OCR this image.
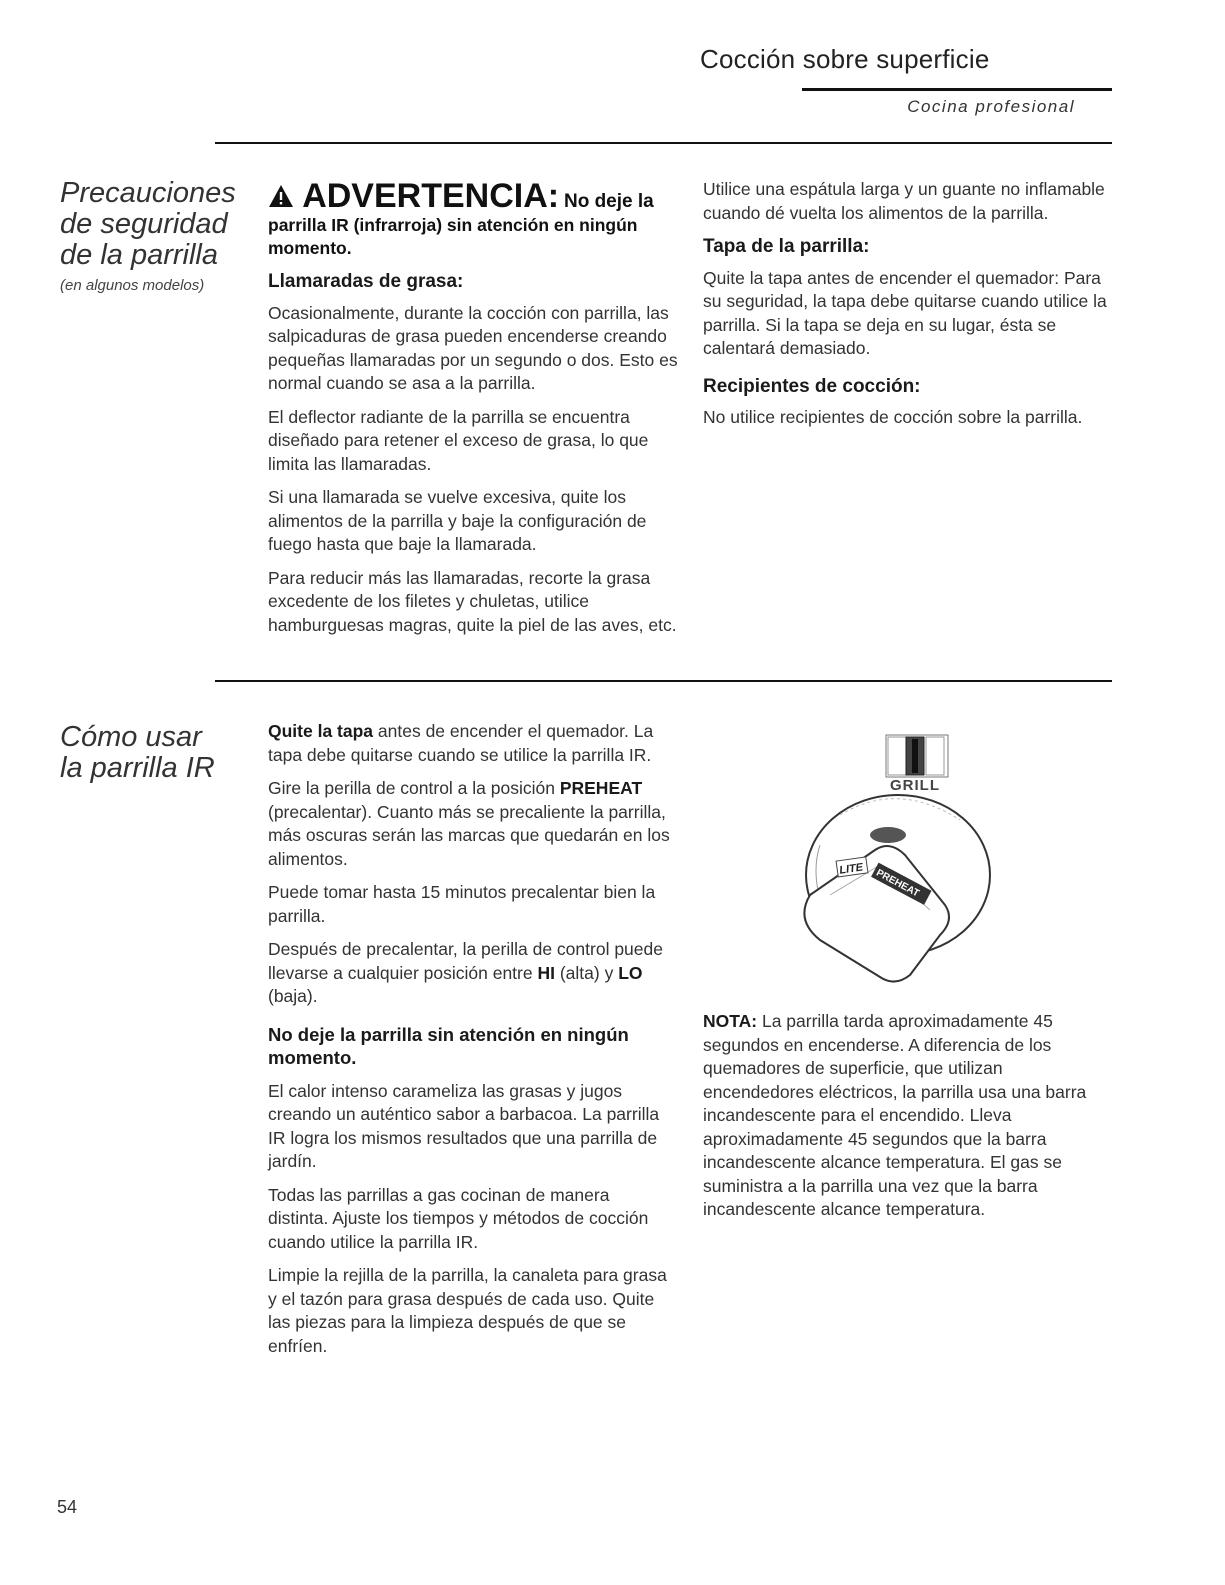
Cocción sobre superficie
Cocina profesional
Precauciones
de seguridad
de la parrilla
(en algunos modelos)
ADVERTENCIA: No deje la
parrilla IR (infrarroja) sin atención en ningún momento.
Llamaradas de grasa:

Ocasionalmente, durante la cocción con parrilla, las salpicaduras de grasa pueden encenderse creando pequeñas llamaradas por un segundo o dos. Esto es normal cuando se asa a la parrilla.

El deflector radiante de la parrilla se encuentra diseñado para retener el exceso de grasa, lo que limita las llamaradas.

Si una llamarada se vuelve excesiva, quite los alimentos de la parrilla y baje la configuración de fuego hasta que baje la llamarada.

Para reducir más las llamaradas, recorte la grasa excedente de los filetes y chuletas, utilice hamburguesas magras, quite la piel de las aves, etc.

Utilice una espátula larga y un guante no inflamable cuando dé vuelta los alimentos de la parrilla.

Tapa de la parrilla:

Quite la tapa antes de encender el quemador: Para su seguridad, la tapa debe quitarse cuando utilice la parrilla. Si la tapa se deja en su lugar, ésta se calentará demasiado.

Recipientes de cocción:

No utilice recipientes de cocción sobre la parrilla.

Cómo usar
la parrilla IR

Quite la tapa antes de encender el quemador. La tapa debe quitarse cuando se utilice la parrilla IR.

Gire la perilla de control a la posición PREHEAT (precalentar). Cuanto más se precaliente la parrilla, más oscuras serán las marcas que quedarán en los alimentos.

Puede tomar hasta 15 minutos precalentar bien la parrilla.

Después de precalentar, la perilla de control puede llevarse a cualquier posición entre HI (alta) y LO (baja).

No deje la parrilla sin atención en ningún momento.

El calor intenso carameliza las grasas y jugos creando un auténtico sabor a barbacoa. La parrilla IR logra los mismos resultados que una parrilla de jardín.

Todas las parrillas a gas cocinan de manera distinta. Ajuste los tiempos y métodos de cocción cuando utilice la parrilla IR.

Limpie la rejilla de la parrilla, la canaleta para grasa y el tazón para grasa después de cada uso. Quite las piezas para la limpieza después de que se enfríen.

GRILL
LITE PREHEAT

NOTA: La parrilla tarda aproximadamente 45 segundos en encenderse. A diferencia de los quemadores de superficie, que utilizan encendedores eléctricos, la parrilla usa una barra incandescente para el encendido. Lleva aproximadamente 45 segundos que la barra incandescente alcance temperatura. El gas se suministra a la parrilla una vez que la barra incandescente alcance temperatura.

54
